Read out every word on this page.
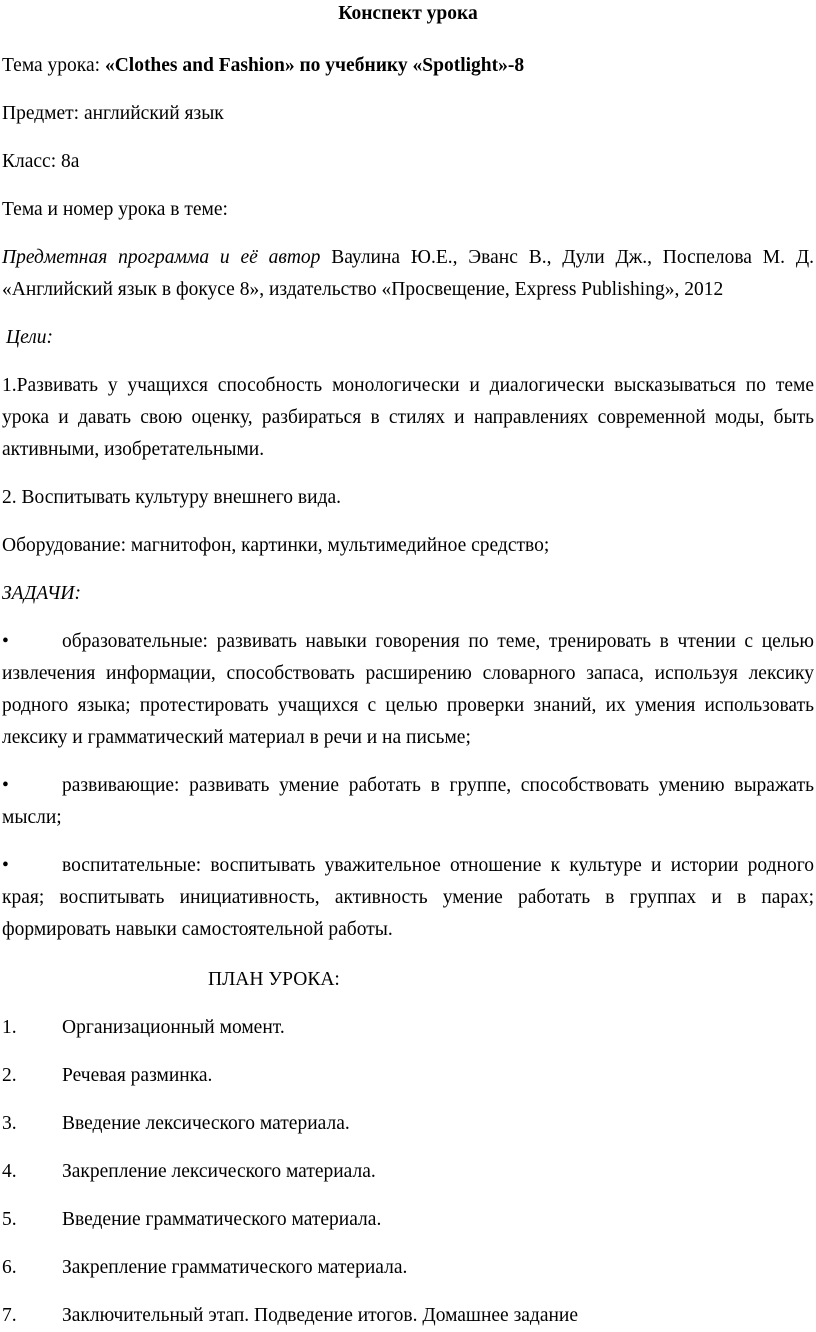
Конспект урока

Тема урока: «Clothes and Fashion» по учебнику «Spotlight»-8

Предмет: английский язык

Класс: 8а

Тема и номер урока в теме:

Предметная программа и её автор Ваулина Ю.Е., Эванс В., Дули Дж., Поспелова М. Д. «Английский язык в фокусе 8», издательство «Просвещение, Express Publishing», 2012

Цели:

1.Развивать у учащихся способность монологически и диалогически высказываться по теме урока и давать свою оценку, разбираться в стилях и направлениях современной моды, быть активными, изобретательными.

2. Воспитывать культуру внешнего вида.

Оборудование: магнитофон, картинки, мультимедийное средство;

ЗАДАЧИ:

•	образовательные: развивать навыки говорения по теме, тренировать в чтении с целью извлечения информации, способствовать расширению словарного запаса, используя лексику родного языка; протестировать учащихся с целью проверки знаний, их умения использовать лексику и грамматический материал в речи и на письме;

•	развивающие: развивать умение работать в группе, способствовать умению выражать мысли;

•	воспитательные: воспитывать уважительное отношение к культуре и истории родного края; воспитывать инициативность, активность умение работать в группах и в парах; формировать навыки самостоятельной работы.

ПЛАН УРОКА:

1.	Организационный момент.
2.	Речевая разминка.
3.	Введение лексического материала.
4.	Закрепление лексического материала.
5.	Введение грамматического материала.
6.	Закрепление грамматического материала.
7.	Заключительный этап. Подведение итогов. Домашнее задание
